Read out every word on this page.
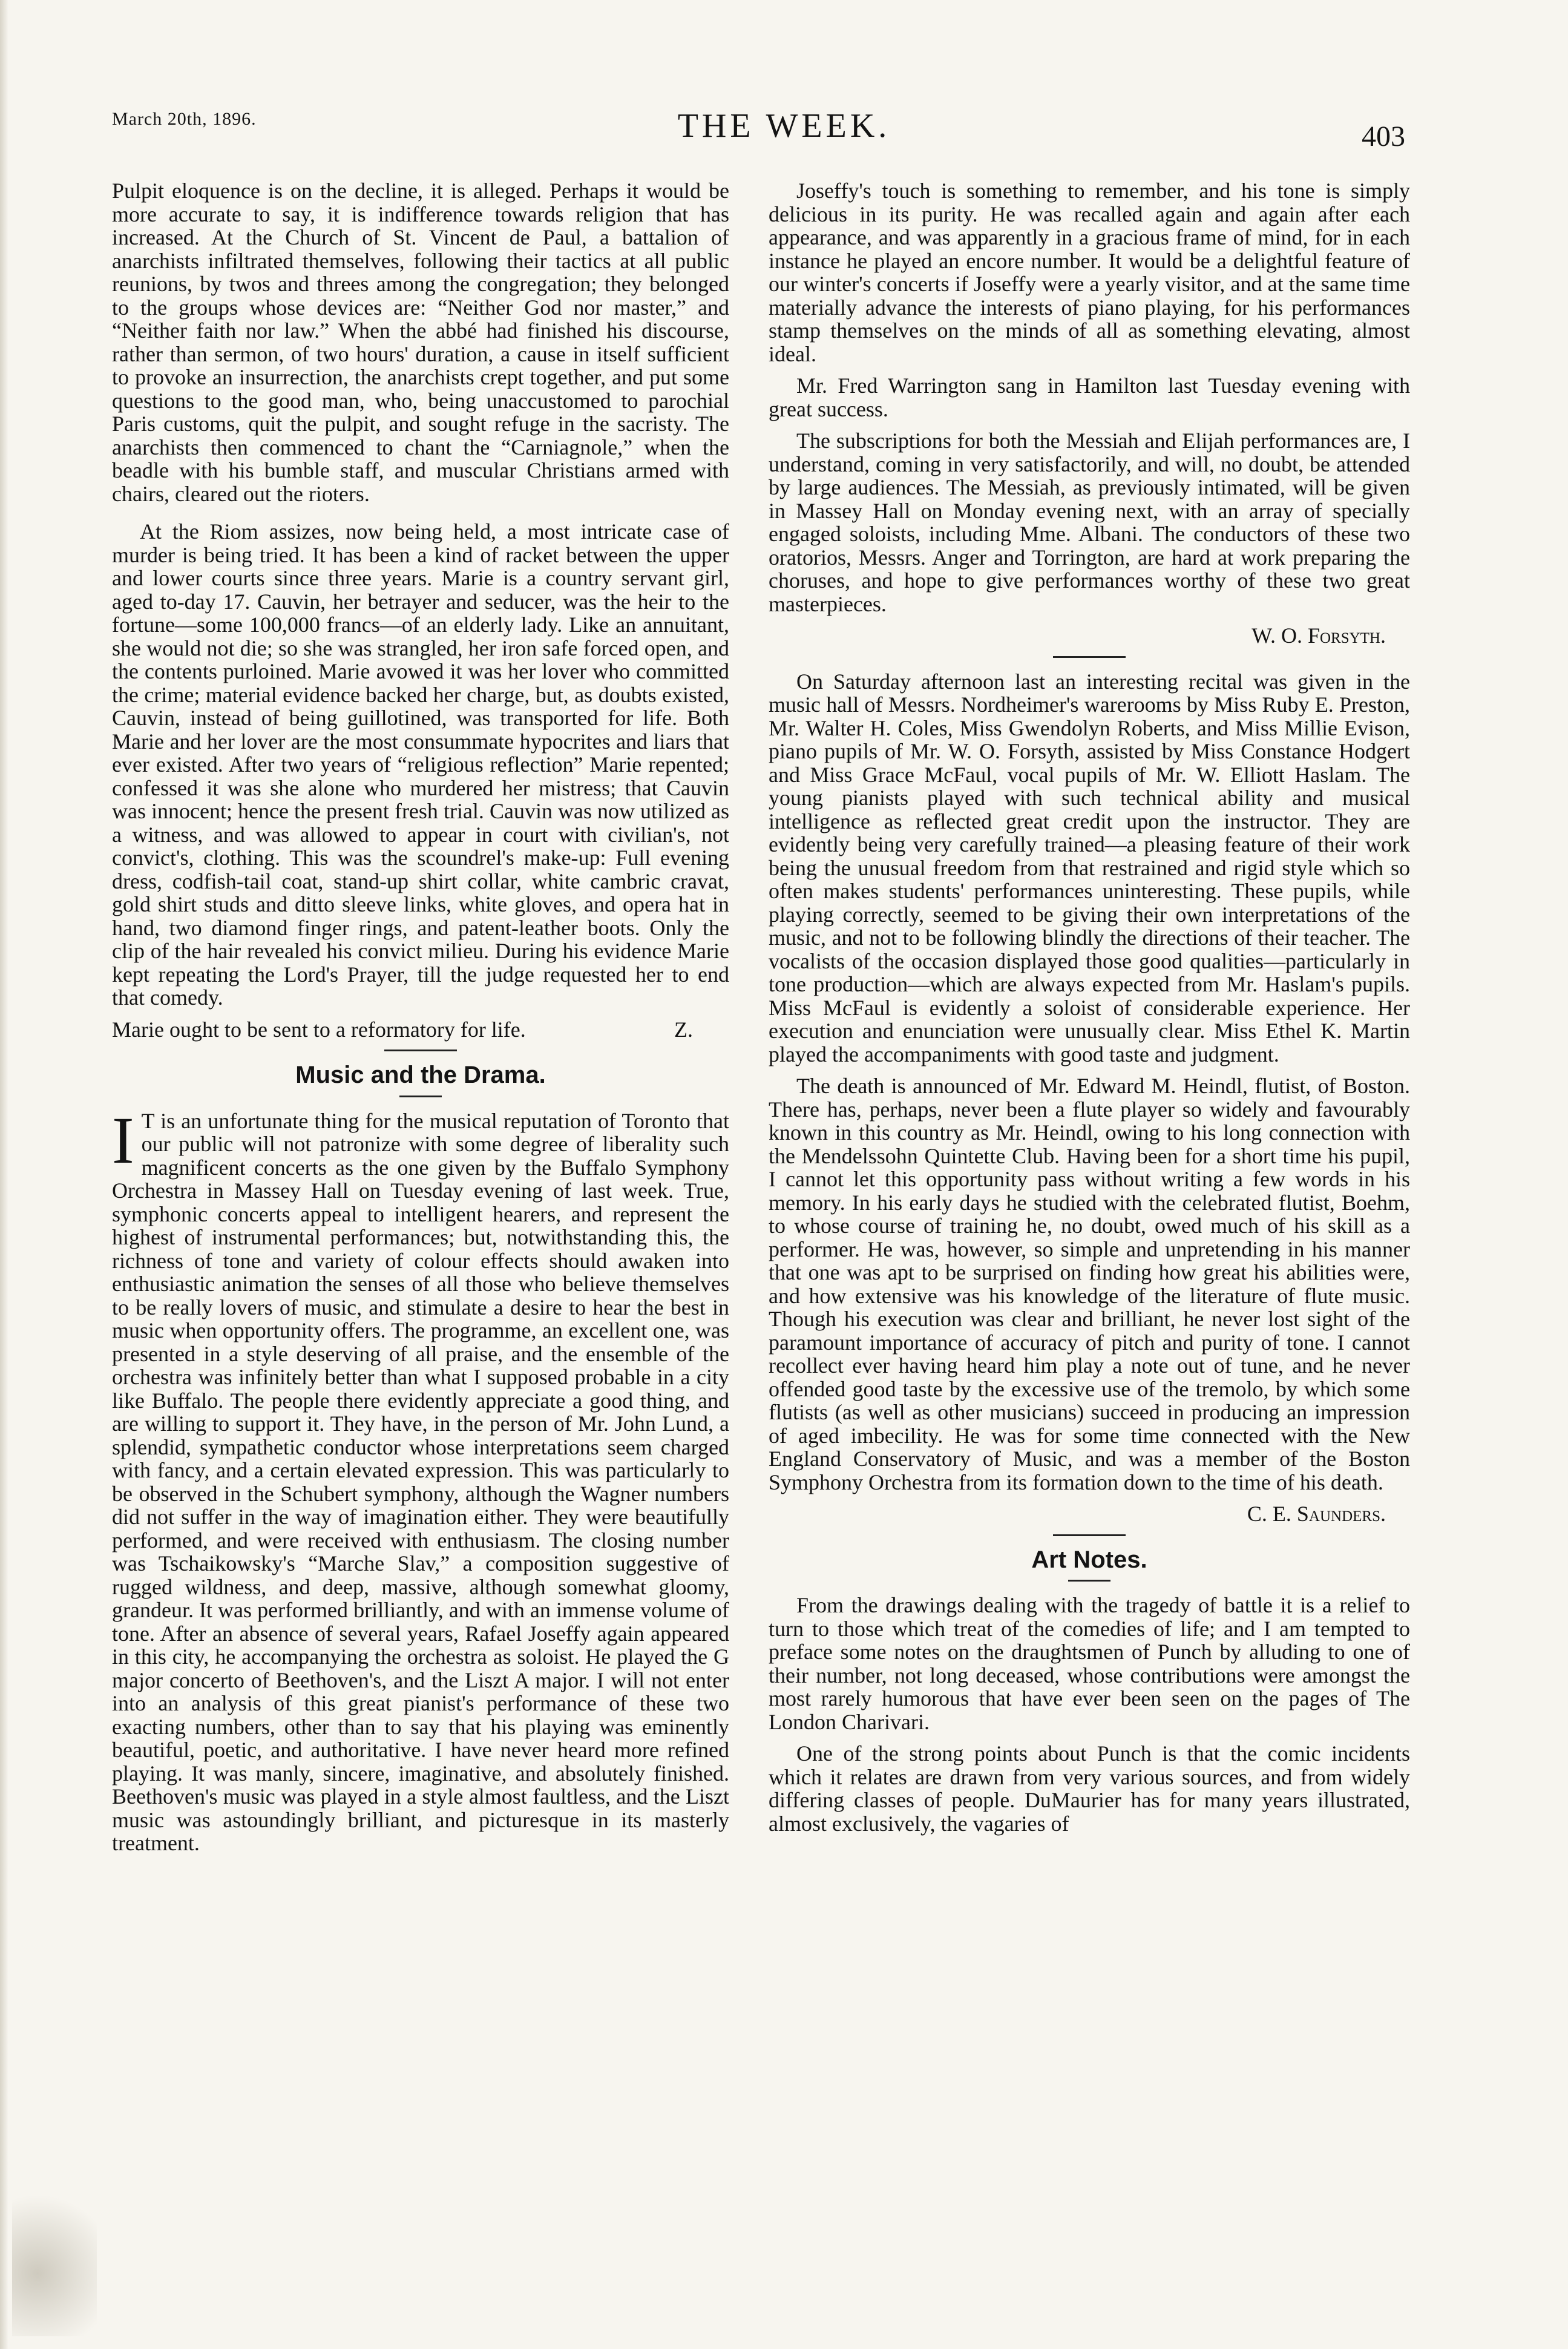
March 20th, 1896.	THE WEEK.	403

Pulpit eloquence is on the decline, it is alleged. Perhaps it would be more accurate to say, it is indifference towards religion that has increased. At the Church of St. Vincent de Paul, a battalion of anarchists infiltrated themselves, following their tactics at all public reunions, by twos and threes among the congregation; they belonged to the groups whose devices are: “Neither God nor master,” and “Neither faith nor law.” When the abbé had finished his discourse, rather than sermon, of two hours' duration, a cause in itself sufficient to provoke an insurrection, the anarchists crept together, and put some questions to the good man, who, being unaccustomed to parochial Paris customs, quit the pulpit, and sought refuge in the sacristy. The anarchists then commenced to chant the “Carniagnole,” when the beadle with his bumble staff, and muscular Christians armed with chairs, cleared out the rioters.

At the Riom assizes, now being held, a most intricate case of murder is being tried. It has been a kind of racket between the upper and lower courts since three years. Marie is a country servant girl, aged to-day 17. Cauvin, her betrayer and seducer, was the heir to the fortune—some 100,000 francs—of an elderly lady. Like an annuitant, she would not die; so she was strangled, her iron safe forced open, and the contents purloined. Marie avowed it was her lover who committed the crime; material evidence backed her charge, but, as doubts existed, Cauvin, instead of being guillotined, was transported for life. Both Marie and her lover are the most consummate hypocrites and liars that ever existed. After two years of “religious reflection” Marie repented; confessed it was she alone who murdered her mistress; that Cauvin was innocent; hence the present fresh trial. Cauvin was now utilized as a witness, and was allowed to appear in court with civilian's, not convict's, clothing. This was the scoundrel's make-up: Full evening dress, codfish-tail coat, stand-up shirt collar, white cambric cravat, gold shirt studs and ditto sleeve links, white gloves, and opera hat in hand, two diamond finger rings, and patent-leather boots. Only the clip of the hair revealed his convict milieu. During his evidence Marie kept repeating the Lord's Prayer, till the judge requested her to end that comedy.

Marie ought to be sent to a reformatory for life.	Z.
Music and the Drama.

I T is an unfortunate thing for the musical reputation of Toronto that our public will not patronize with some degree of liberality such magnificent concerts as the one given by the Buffalo Symphony Orchestra in Massey Hall on Tuesday evening of last week. True, symphonic concerts appeal to intelligent hearers, and represent the highest of instrumental performances; but, notwithstanding this, the richness of tone and variety of colour effects should awaken into enthusiastic animation the senses of all those who believe themselves to be really lovers of music, and stimulate a desire to hear the best in music when opportunity offers. The programme, an excellent one, was presented in a style deserving of all praise, and the ensemble of the orchestra was infinitely better than what I supposed probable in a city like Buffalo. The people there evidently appreciate a good thing, and are willing to support it. They have, in the person of Mr. John Lund, a splendid, sympathetic conductor whose interpretations seem charged with fancy, and a certain elevated expression. This was particularly to be observed in the Schubert symphony, although the Wagner numbers did not suffer in the way of imagination either. They were beautifully performed, and were received with enthusiasm. The closing number was Tschaikowsky's “Marche Slav,” a composition suggestive of rugged wildness, and deep, massive, although somewhat gloomy, grandeur. It was performed brilliantly, and with an immense volume of tone. After an absence of several years, Rafael Joseffy again appeared in this city, he accompanying the orchestra as soloist. He played the G major concerto of Beethoven's, and the Liszt A major. I will not enter into an analysis of this great pianist's performance of these two exacting numbers, other than to say that his playing was eminently beautiful, poetic, and authoritative. I have never heard more refined playing. It was manly, sincere, imaginative, and absolutely finished. Beethoven's music was played in a style almost faultless, and the Liszt music was astoundingly brilliant, and picturesque in its masterly treatment.

Joseffy's touch is something to remember, and his tone is simply delicious in its purity. He was recalled again and again after each appearance, and was apparently in a gracious frame of mind, for in each instance he played an encore number. It would be a delightful feature of our winter's concerts if Joseffy were a yearly visitor, and at the same time materially advance the interests of piano playing, for his performances stamp themselves on the minds of all as something elevating, almost ideal.

Mr. Fred Warrington sang in Hamilton last Tuesday evening with great success.

The subscriptions for both the Messiah and Elijah performances are, I understand, coming in very satisfactorily, and will, no doubt, be attended by large audiences. The Messiah, as previously intimated, will be given in Massey Hall on Monday evening next, with an array of specially engaged soloists, including Mme. Albani. The conductors of these two oratorios, Messrs. Anger and Torrington, are hard at work preparing the choruses, and hope to give performances worthy of these two great masterpieces.

W. O. Forsyth.

On Saturday afternoon last an interesting recital was given in the music hall of Messrs. Nordheimer's warerooms by Miss Ruby E. Preston, Mr. Walter H. Coles, Miss Gwendolyn Roberts, and Miss Millie Evison, piano pupils of Mr. W. O. Forsyth, assisted by Miss Constance Hodgert and Miss Grace McFaul, vocal pupils of Mr. W. Elliott Haslam. The young pianists played with such technical ability and musical intelligence as reflected great credit upon the instructor. They are evidently being very carefully trained—a pleasing feature of their work being the unusual freedom from that restrained and rigid style which so often makes students' performances uninteresting. These pupils, while playing correctly, seemed to be giving their own interpretations of the music, and not to be following blindly the directions of their teacher. The vocalists of the occasion displayed those good qualities—particularly in tone production—which are always expected from Mr. Haslam's pupils. Miss McFaul is evidently a soloist of considerable experience. Her execution and enunciation were unusually clear. Miss Ethel K. Martin played the accompaniments with good taste and judgment.

The death is announced of Mr. Edward M. Heindl, flutist, of Boston. There has, perhaps, never been a flute player so widely and favourably known in this country as Mr. Heindl, owing to his long connection with the Mendelssohn Quintette Club. Having been for a short time his pupil, I cannot let this opportunity pass without writing a few words in his memory. In his early days he studied with the celebrated flutist, Boehm, to whose course of training he, no doubt, owed much of his skill as a performer. He was, however, so simple and unpretending in his manner that one was apt to be surprised on finding how great his abilities were, and how extensive was his knowledge of the literature of flute music. Though his execution was clear and brilliant, he never lost sight of the paramount importance of accuracy of pitch and purity of tone. I cannot recollect ever having heard him play a note out of tune, and he never offended good taste by the excessive use of the tremolo, by which some flutists (as well as other musicians) succeed in producing an impression of aged imbecility. He was for some time connected with the New England Conservatory of Music, and was a member of the Boston Symphony Orchestra from its formation down to the time of his death.

C. E. Saunders.
Art Notes.

From the drawings dealing with the tragedy of battle it is a relief to turn to those which treat of the comedies of life; and I am tempted to preface some notes on the draughtsmen of Punch by alluding to one of their number, not long deceased, whose contributions were amongst the most rarely humorous that have ever been seen on the pages of The London Charivari.

One of the strong points about Punch is that the comic incidents which it relates are drawn from very various sources, and from widely differing classes of people. DuMaurier has for many years illustrated, almost exclusively, the vagaries of
